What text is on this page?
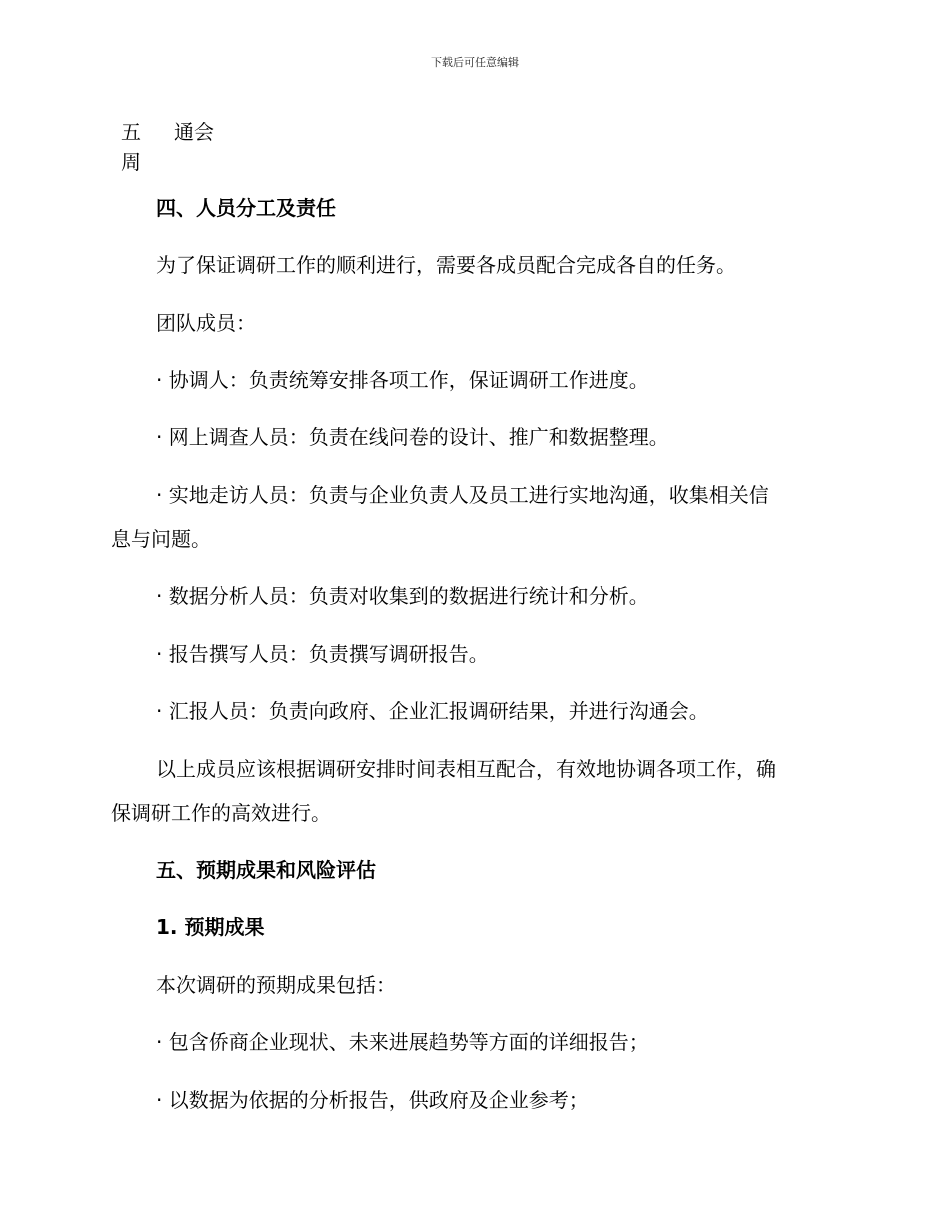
下载后可任意编辑
五
周
通会
四、人员分工及责任
为了保证调研工作的顺利进行，需要各成员配合完成各自的任务。
团队成员：
· 协调人：负责统筹安排各项工作，保证调研工作进度。
· 网上调查人员：负责在线问卷的设计、推广和数据整理。
· 实地走访人员：负责与企业负责人及员工进行实地沟通，收集相关信
息与问题。
· 数据分析人员：负责对收集到的数据进行统计和分析。
· 报告撰写人员：负责撰写调研报告。
· 汇报人员：负责向政府、企业汇报调研结果，并进行沟通会。
以上成员应该根据调研安排时间表相互配合，有效地协调各项工作，确
保调研工作的高效进行。
五、预期成果和风险评估
1. 预期成果
本次调研的预期成果包括：
· 包含侨商企业现状、未来进展趋势等方面的详细报告；
· 以数据为依据的分析报告，供政府及企业参考；
